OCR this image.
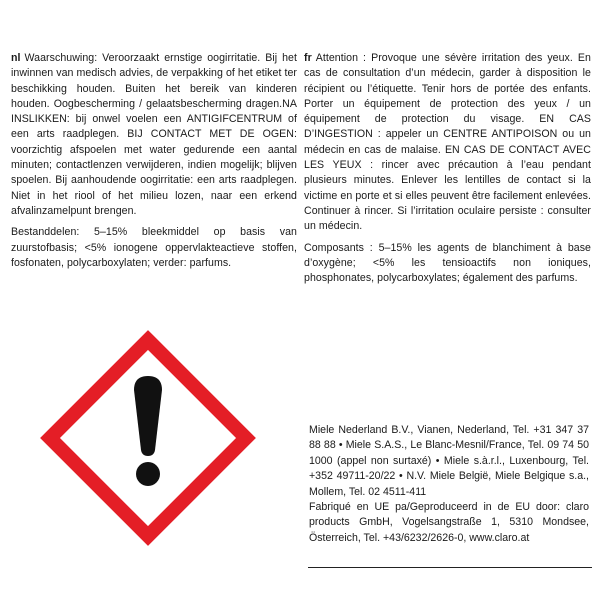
nl Waarschuwing: Veroorzaakt ernstige oogirritatie. Bij het inwinnen van medisch advies, de verpakking of het etiket ter beschikking houden. Buiten het bereik van kinderen houden. Oogbescherming / gelaatsbescherming dragen.NA INSLIKKEN: bij onwel voelen een ANTIGIFCENTRUM of een arts raadplegen. BIJ CONTACT MET DE OGEN: voorzichtig afspoelen met water gedurende een aantal minuten; contactlenzen verwijderen, indien mogelijk; blijven spoelen. Bij aanhoudende oogirritatie: een arts raadplegen. Niet in het riool of het milieu lozen, naar een erkend afvalinzamelpunt brengen.

Bestanddelen: 5–15% bleekmiddel op basis van zuurstofbasis; <5% ionogene oppervlakteactieve stoffen, fosfonaten, polycarboxylaten; verder: parfums.

fr Attention : Provoque une sévère irritation des yeux. En cas de consultation d’un médecin, garder à disposition le récipient ou l’étiquette. Tenir hors de portée des enfants. Porter un équipement de protection des yeux / un équipement de protection du visage. EN CAS D’INGESTION : appeler un CENTRE ANTIPOISON ou un médecin en cas de malaise. EN CAS DE CONTACT AVEC LES YEUX : rincer avec précaution à l’eau pendant plusieurs minutes. Enlever les lentilles de contact si la victime en porte et si elles peuvent être facilement enlevées. Continuer à rincer. Si l’irritation oculaire persiste : consulter un médecin.

Composants : 5–15% les agents de blanchiment à base d’oxygène; <5% les tensioactifs non ioniques, phosphonates, polycarboxylates; également des parfums.

Miele Nederland B.V., Vianen, Nederland, Tel. +31 347 37 88 88 • Miele S.A.S., Le Blanc-Mesnil/France, Tel. 09 74 50 1000 (appel non surtaxé) • Miele s.à.r.l., Luxenbourg, Tel. +352 49711-20/22 • N.V. Miele België, Miele Belgique s.a., Mollem, Tel. 02 4511-411

Fabriqué en UE pa/Geproduceerd in de EU door: claro products GmbH, Vogelsangstraße 1, 5310 Mondsee, Österreich, Tel. +43/6232/2626-0, www.claro.at
